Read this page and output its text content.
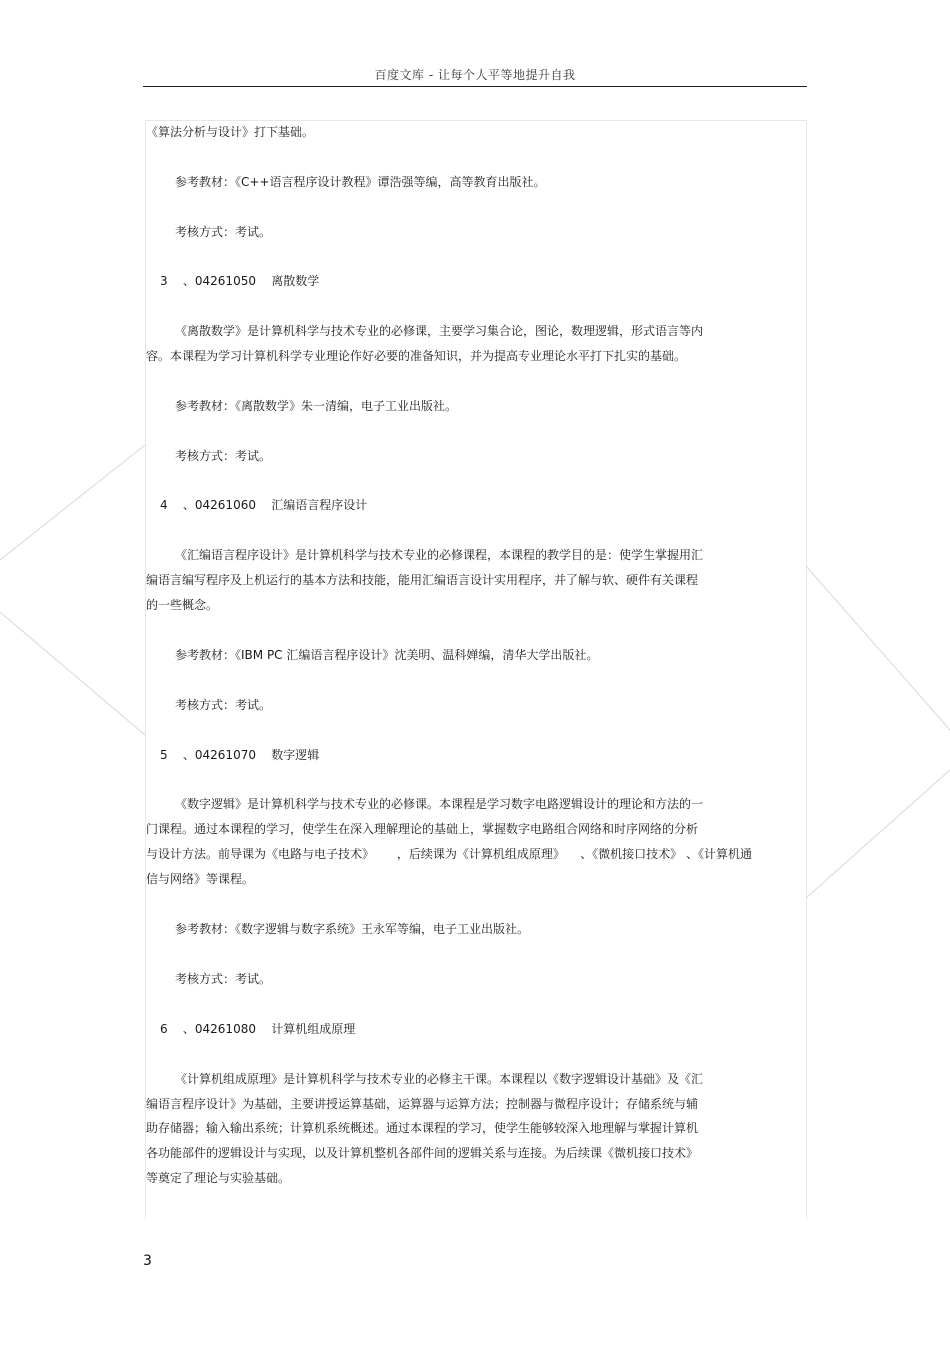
百度文库 - 让每个人平等地提升自我
《算法分析与设计》打下基础。
参考教材：《C++语言程序设计教程》谭浩强等编，高等教育出版社。
考核方式：考试。
3    、04261050    离散数学
《离散数学》是计算机科学与技术专业的必修课，主要学习集合论，图论，数理逻辑，形式语言等内
容。本课程为学习计算机科学专业理论作好必要的准备知识，并为提高专业理论水平打下扎实的基础。
参考教材：《离散数学》朱一清编，电子工业出版社。
考核方式：考试。
4    、04261060    汇编语言程序设计
《汇编语言程序设计》是计算机科学与技术专业的必修课程，本课程的教学目的是：使学生掌握用汇
编语言编写程序及上机运行的基本方法和技能，能用汇编语言设计实用程序，并了解与软、硬件有关课程
的一些概念。
参考教材：《IBM PC 汇编语言程序设计》沈美明、温科婵编，清华大学出版社。
考核方式：考试。
5    、04261070    数字逻辑
《数字逻辑》是计算机科学与技术专业的必修课。本课程是学习数字电路逻辑设计的理论和方法的一
门课程。通过本课程的学习，使学生在深入理解理论的基础上，掌握数字电路组合网络和时序网络的分析
与设计方法。前导课为《电路与电子技术》      ，后续课为《计算机组成原理》    、《微机接口技术》 、《计算机通
信与网络》等课程。
参考教材：《数字逻辑与数字系统》王永军等编，电子工业出版社。
考核方式：考试。
6    、04261080    计算机组成原理
《计算机组成原理》是计算机科学与技术专业的必修主干课。本课程以《数字逻辑设计基础》及《汇
编语言程序设计》为基础，主要讲授运算基础，运算器与运算方法；控制器与微程序设计；存储系统与辅
助存储器；输入输出系统；计算机系统概述。通过本课程的学习，使学生能够较深入地理解与掌握计算机
各功能部件的逻辑设计与实现，以及计算机整机各部件间的逻辑关系与连接。为后续课《微机接口技术》
等奠定了理论与实验基础。
3
